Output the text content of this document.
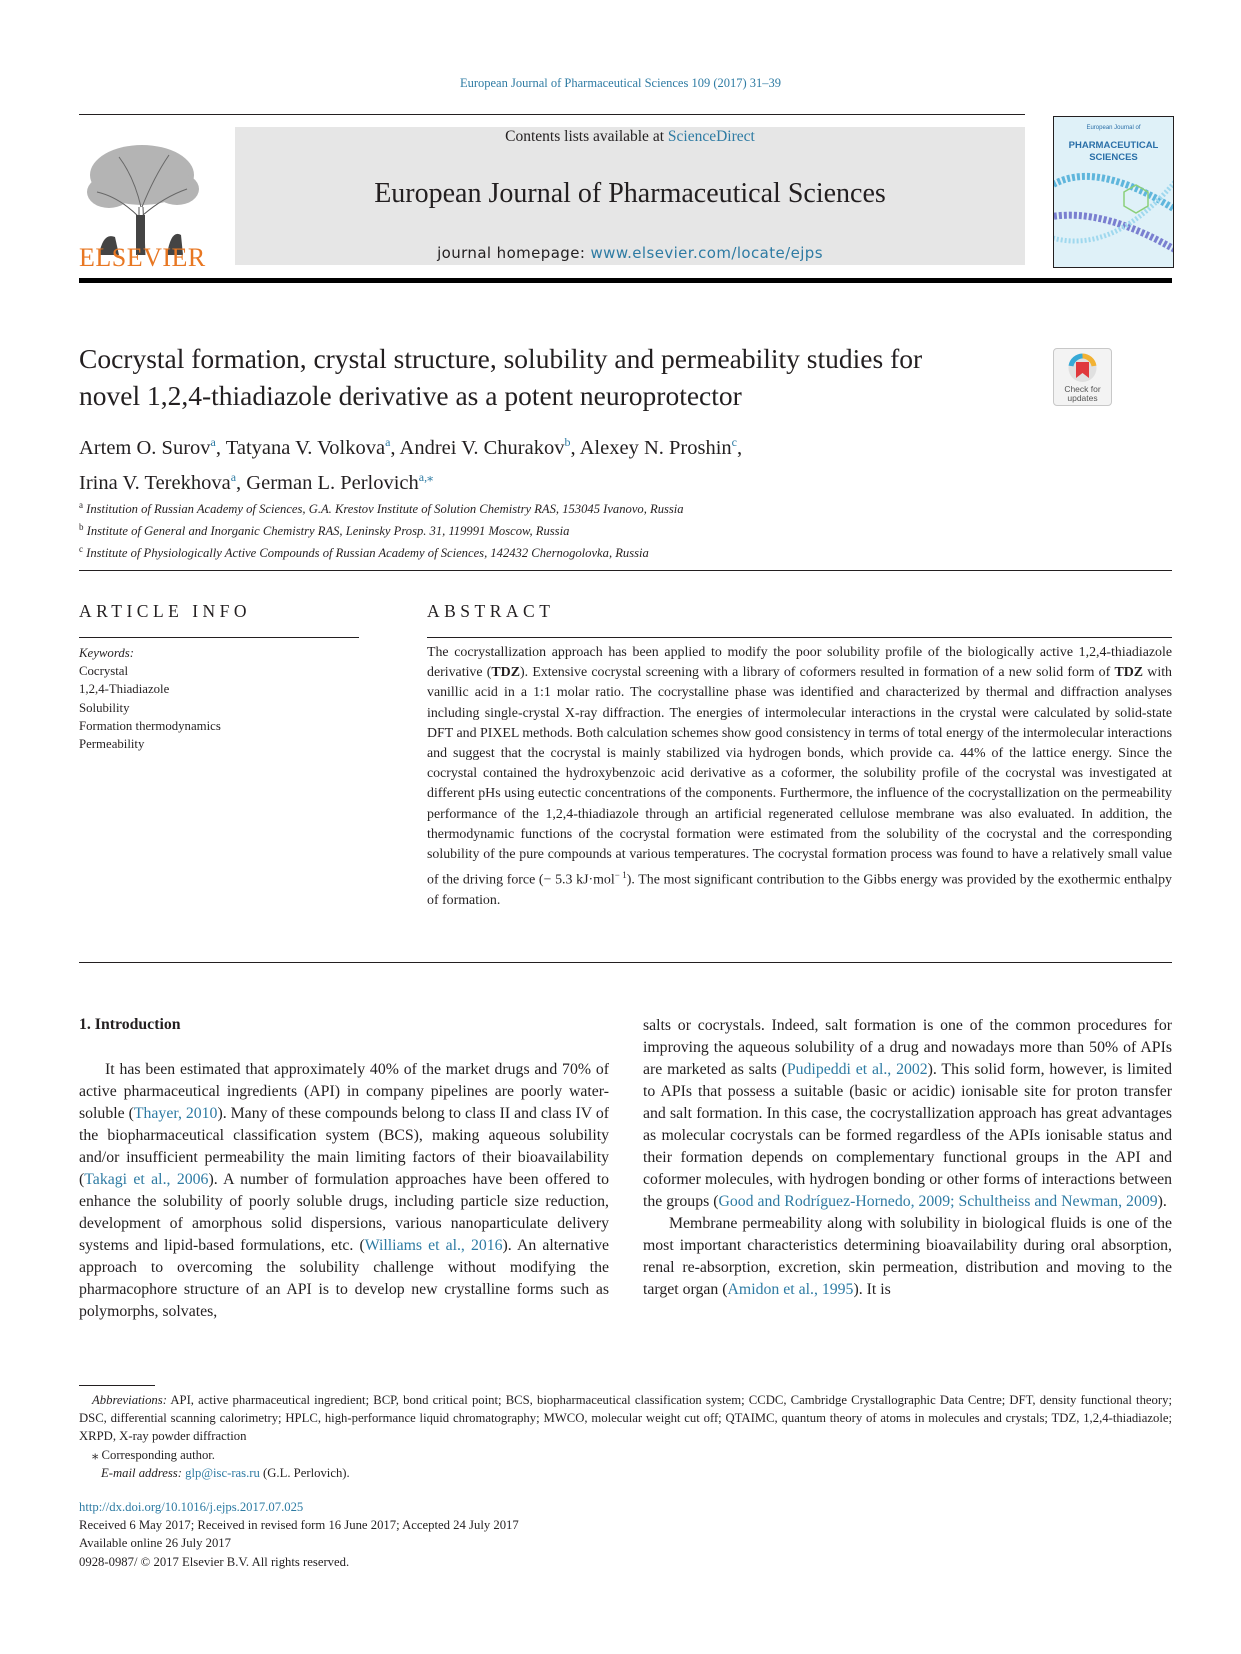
European Journal of Pharmaceutical Sciences 109 (2017) 31–39
ELSEVIER
Contents lists available at ScienceDirect
European Journal of Pharmaceutical Sciences
journal homepage: www.elsevier.com/locate/ejps
European Journal of
PHARMACEUTICAL
SCIENCES
Cocrystal formation, crystal structure, solubility and permeability studies for
novel 1,2,4-thiadiazole derivative as a potent neuroprotector	Check for
updates
Artem O. Surov$^a$, Tatyana V. Volkova$^a$, Andrei V. Churakov$^b$, Alexey N. Proshin$^c$,
Irina V. Terekhova$^a$, German L. Perlovich$^{a,⁎}$
$^a$ Institution of Russian Academy of Sciences, G.A. Krestov Institute of Solution Chemistry RAS, 153045 Ivanovo, Russia
$^b$ Institute of General and Inorganic Chemistry RAS, Leninsky Prosp. 31, 119991 Moscow, Russia
$^c$ Institute of Physiologically Active Compounds of Russian Academy of Sciences, 142432 Chernogolovka, Russia
ARTICLE INFO
Keywords:
Cocrystal
1,2,4-Thiadiazole
Solubility
Formation thermodynamics
Permeability
ABSTRACT
The cocrystallization approach has been applied to modify the poor solubility profile of the biologically active 1,2,4-thiadiazole derivative (TDZ). Extensive cocrystal screening with a library of coformers resulted in formation of a new solid form of TDZ with vanillic acid in a 1:1 molar ratio. The cocrystalline phase was identified and characterized by thermal and diffraction analyses including single-crystal X-ray diffraction. The energies of intermolecular interactions in the crystal were calculated by solid-state DFT and PIXEL methods. Both calculation schemes show good consistency in terms of total energy of the intermolecular interactions and suggest that the cocrystal is mainly stabilized via hydrogen bonds, which provide ca. 44% of the lattice energy. Since the cocrystal contained the hydroxybenzoic acid derivative as a coformer, the solubility profile of the cocrystal was investigated at different pHs using eutectic concentrations of the components. Furthermore, the influence of the cocrystallization on the permeability performance of the 1,2,4-thiadiazole through an artificial regenerated cellulose membrane was also evaluated. In addition, the thermodynamic functions of the cocrystal formation were estimated from the solubility of the cocrystal and the corresponding solubility of the pure compounds at various temperatures. The cocrystal formation process was found to have a relatively small value of the driving force (− 5.3 kJ·mol$^{- 1}$). The most significant contribution to the Gibbs energy was provided by the exothermic enthalpy of formation.
1. Introduction

It has been estimated that approximately 40% of the market drugs and 70% of active pharmaceutical ingredients (API) in company pipelines are poorly water-soluble (Thayer, 2010). Many of these compounds belong to class II and class IV of the biopharmaceutical classification system (BCS), making aqueous solubility and/or insufficient permeability the main limiting factors of their bioavailability (Takagi et al., 2006). A number of formulation approaches have been offered to enhance the solubility of poorly soluble drugs, including particle size reduction, development of amorphous solid dispersions, various nanoparticulate delivery systems and lipid-based formulations, etc. (Williams et al., 2016). An alternative approach to overcoming the solubility challenge without modifying the pharmacophore structure of an API is to develop new crystalline forms such as polymorphs, solvates,

salts or cocrystals. Indeed, salt formation is one of the common procedures for improving the aqueous solubility of a drug and nowadays more than 50% of APIs are marketed as salts (Pudipeddi et al., 2002). This solid form, however, is limited to APIs that possess a suitable (basic or acidic) ionisable site for proton transfer and salt formation. In this case, the cocrystallization approach has great advantages as molecular cocrystals can be formed regardless of the APIs ionisable status and their formation depends on complementary functional groups in the API and coformer molecules, with hydrogen bonding or other forms of interactions between the groups (Good and Rodríguez-Hornedo, 2009; Schultheiss and Newman, 2009).

Membrane permeability along with solubility in biological fluids is one of the most important characteristics determining bioavailability during oral absorption, renal re-absorption, excretion, skin permeation, distribution and moving to the target organ (Amidon et al., 1995). It is

Abbreviations: API, active pharmaceutical ingredient; BCP, bond critical point; BCS, biopharmaceutical classification system; CCDC, Cambridge Crystallographic Data Centre; DFT, density functional theory; DSC, differential scanning calorimetry; HPLC, high-performance liquid chromatography; MWCO, molecular weight cut off; QTAIMC, quantum theory of atoms in molecules and crystals; TDZ, 1,2,4-thiadiazole; XRPD, X-ray powder diffraction

⁎ Corresponding author.

E-mail address: glp@isc-ras.ru (G.L. Perlovich).

http://dx.doi.org/10.1016/j.ejps.2017.07.025

Received 6 May 2017; Received in revised form 16 June 2017; Accepted 24 July 2017

Available online 26 July 2017

0928-0987/ © 2017 Elsevier B.V. All rights reserved.
